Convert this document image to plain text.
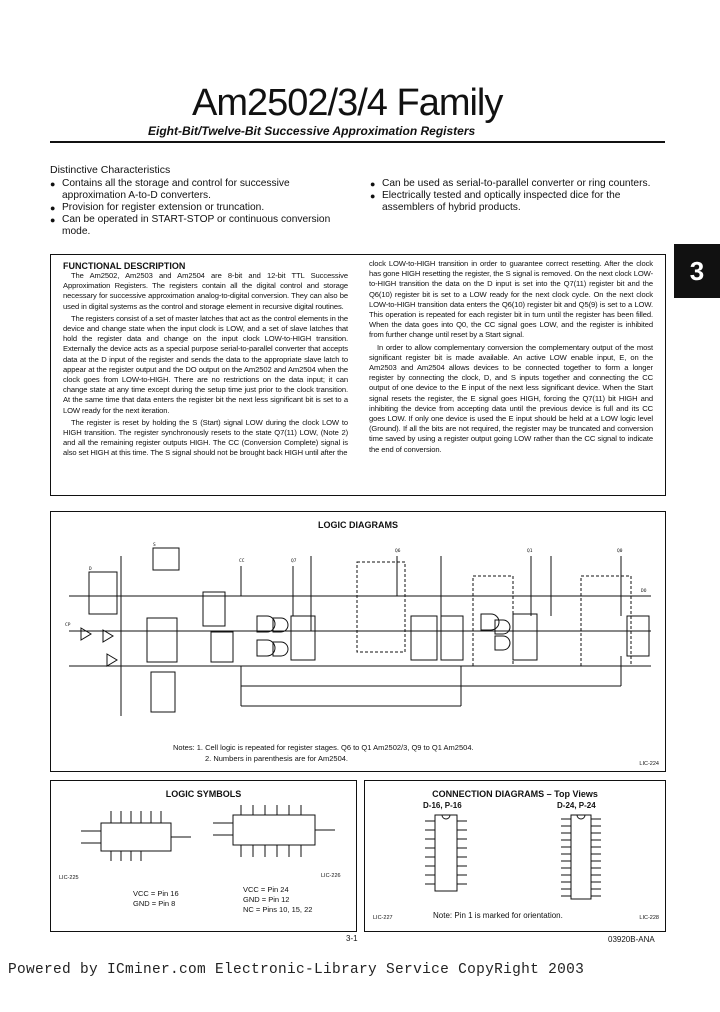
Am2502/3/4 Family
Eight-Bit/Twelve-Bit Successive Approximation Registers
Distinctive Characteristics
● Contains all the storage and control for successive approximation A-to-D converters.
● Provision for register extension or truncation.
● Can be operated in START-STOP or continuous conversion mode.
● Can be used as serial-to-parallel converter or ring counters.
● Electrically tested and optically inspected dice for the assemblers of hybrid products.
3
FUNCTIONAL DESCRIPTION

The Am2502, Am2503 and Am2504 are 8-bit and 12-bit TTL Successive Approximation Registers. The registers contain all the digital control and storage necessary for successive approximation analog-to-digital conversion. They can also be used in digital systems as the control and storage element in recursive digital routines.

The registers consist of a set of master latches that act as the control elements in the device and change state when the input clock is LOW, and a set of slave latches that hold the register data and change on the input clock LOW-to-HIGH transition. Externally the device acts as a special purpose serial-to-parallel converter that accepts data at the D input of the register and sends the data to the appropriate slave latch to appear at the register output and the DO output on the Am2502 and Am2504 when the clock goes from LOW-to-HIGH. There are no restrictions on the data input; it can change state at any time except during the setup time just prior to the clock transition. At the same time that data enters the register bit the next less significant bit is set to a LOW ready for the next iteration.

The register is reset by holding the S (Start) signal LOW during the clock LOW to HIGH transition. The register synchronously resets to the state Q7(11) LOW, (Note 2) and all the remaining register outputs HIGH. The CC (Conversion Complete) signal is also set HIGH at this time. The S signal should not be brought back HIGH until after the

clock LOW-to-HIGH transition in order to guarantee correct resetting. After the clock has gone HIGH resetting the register, the S signal is removed. On the next clock LOW-to-HIGH transition the data on the D input is set into the Q7(11) register bit and the Q6(10) register bit is set to a LOW ready for the next clock cycle. On the next clock LOW-to-HIGH transition data enters the Q6(10) register bit and Q5(9) is set to a LOW. This operation is repeated for each register bit in turn until the register has been filled. When the data goes into Q0, the CC signal goes LOW, and the register is inhibited from further change until reset by a Start signal.

In order to allow complementary conversion the complementary output of the most significant register bit is made available. An active LOW enable input, E, on the Am2503 and Am2504 allows devices to be connected together to form a longer register by connecting the clock, D, and S inputs together and connecting the CC output of one device to the E input of the next less significant device. When the Start signal resets the register, the E signal goes HIGH, forcing the Q7(11) bit HIGH and inhibiting the device from accepting data until the previous device is full and its CC goes LOW. If only one device is used the E input should be held at a LOW logic level (Ground). If all the bits are not required, the register may be truncated and conversion time saved by using a register output going LOW rather than the CC signal to indicate the end of conversion.

LOGIC DIAGRAMS
D
CP
S
CC	Q7
Q6	Q1	Q0
DO
Notes: 1. Cell logic is repeated for register stages. Q6 to Q1 Am2502/3, Q9 to Q1 Am2504.
2. Numbers in parenthesis are for Am2504.
LIC-224
LOGIC SYMBOLS
LIC-225	LIC-226
VCC = Pin 16
GND = Pin 8
VCC = Pin 24
GND = Pin 12
NC = Pins 10, 15, 22
CONNECTION DIAGRAMS – Top Views
D-16, P-16	D-24, P-24
LIC-227	Note: Pin 1 is marked for orientation.	LIC-228
3-1	03920B-ANA
Powered by ICminer.com Electronic-Library Service CopyRight 2003
